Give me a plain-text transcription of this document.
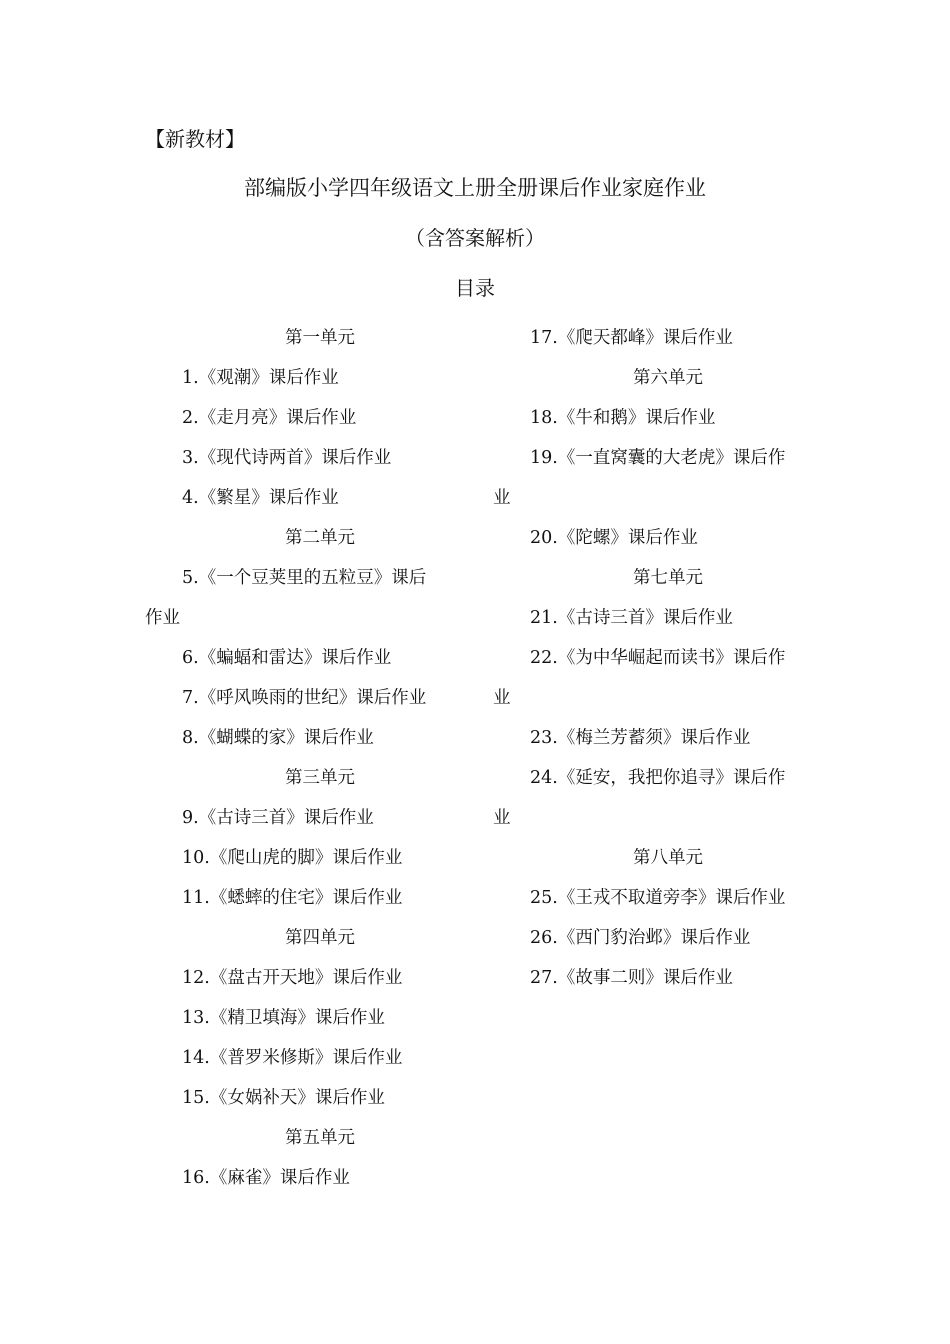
【新教材】
部编版小学四年级语文上册全册课后作业家庭作业
（含答案解析）
目录
第一单元
1.《观潮》课后作业
2.《走月亮》课后作业
3.《现代诗两首》课后作业
4.《繁星》课后作业
第二单元
5.《一个豆荚里的五粒豆》课后
作业
6.《蝙蝠和雷达》课后作业
7.《呼风唤雨的世纪》课后作业
8.《蝴蝶的家》课后作业
第三单元
9.《古诗三首》课后作业
10.《爬山虎的脚》课后作业
11.《蟋蟀的住宅》课后作业
第四单元
12.《盘古开天地》课后作业
13.《精卫填海》课后作业
14.《普罗米修斯》课后作业
15.《女娲补天》课后作业
第五单元
16.《麻雀》课后作业
17.《爬天都峰》课后作业
第六单元
18.《牛和鹅》课后作业
19.《一直窝囊的大老虎》课后作
业
20.《陀螺》课后作业
第七单元
21.《古诗三首》课后作业
22.《为中华崛起而读书》课后作
业
23.《梅兰芳蓄须》课后作业
24.《延安，我把你追寻》课后作
业
第八单元
25.《王戎不取道旁李》课后作业
26.《西门豹治邺》课后作业
27.《故事二则》课后作业
